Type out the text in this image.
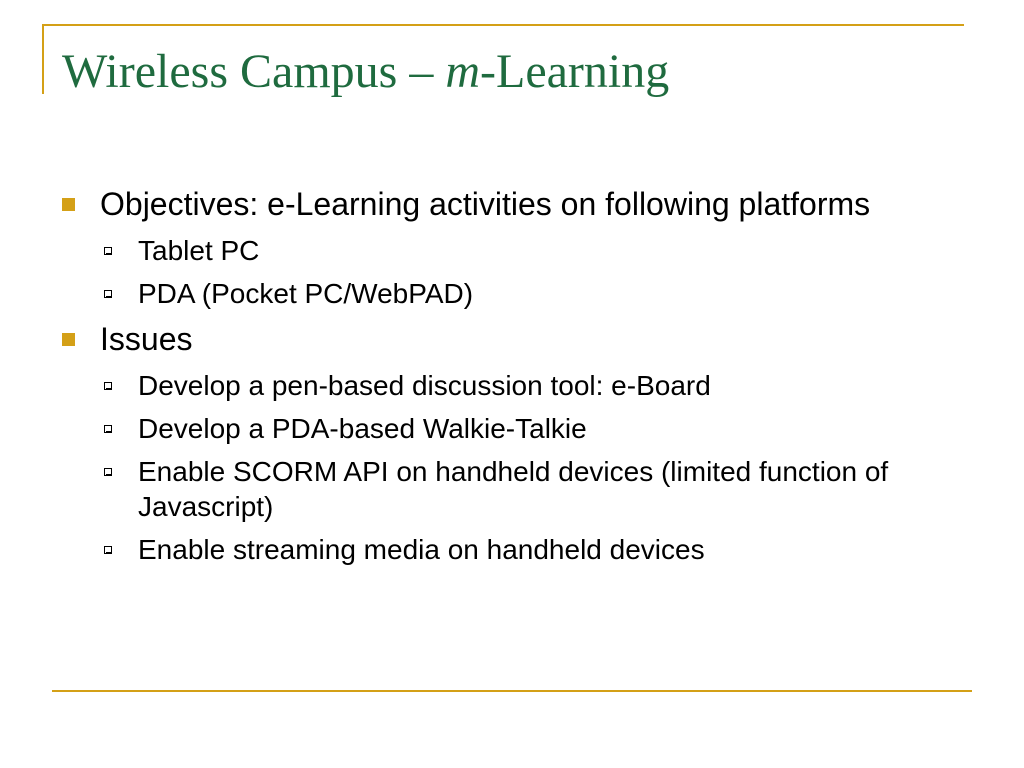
Wireless Campus – m-Learning
Objectives: e-Learning activities on following platforms
Tablet PC
PDA (Pocket PC/WebPAD)
Issues
Develop a pen-based discussion tool: e-Board
Develop a PDA-based Walkie-Talkie
Enable SCORM API on handheld devices (limited function of Javascript)
Enable streaming media on handheld devices
